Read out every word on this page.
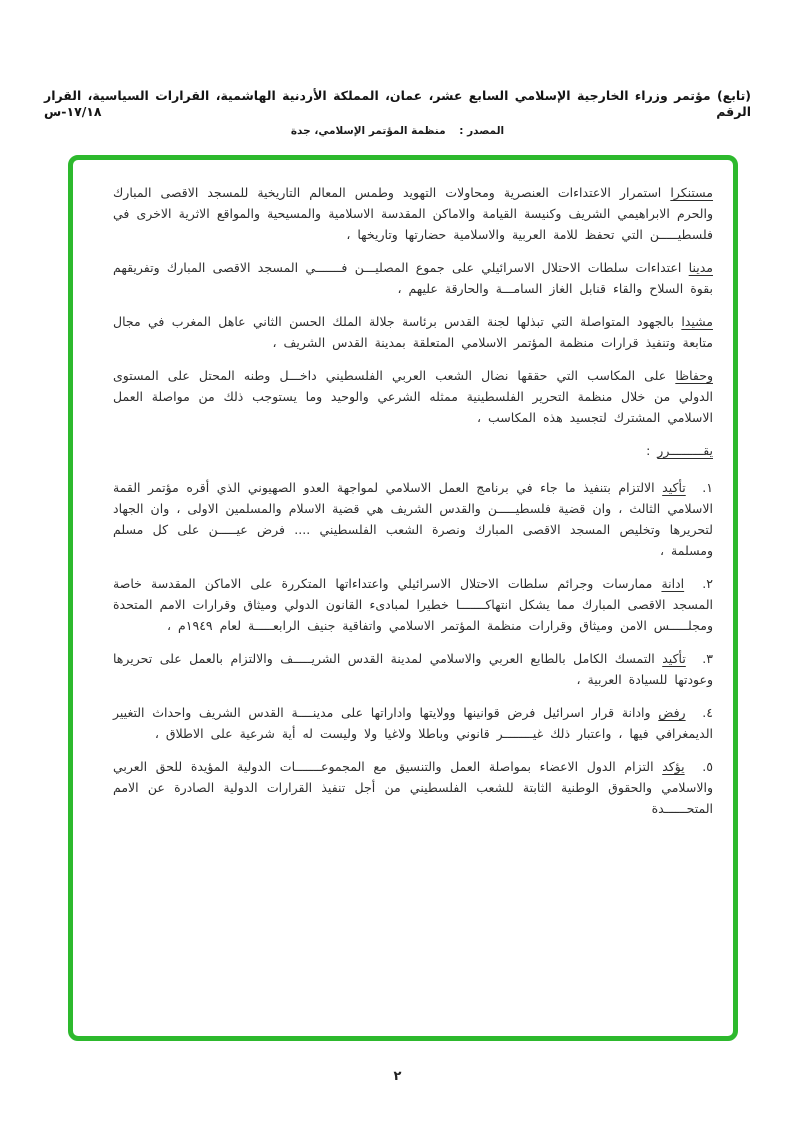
(تابع) مؤتمر وزراء الخارجية الإسلامي السابع عشر، عمان، المملكة الأردنية الهاشمية، القرارات السياسية، القرار الرقم ١٧/١٨-س
المصدر : منظمة المؤتمر الإسلامي، جدة

مستنكرا استمرار الاعتداءات العنصرية ومحاولات التهويد وطمس المعالم التاريخية للمسجد الاقصى المبارك والحرم الابراهيمي الشريف وكنيسة القيامة والاماكن المقدسة الاسلامية والمسيحية والمواقع الاثرية الاخرى في فلسطيـــــن التي تحفظ للامة العربية والاسلامية حضارتها وتاريخها ،

مدينا اعتداءات سلطات الاحتلال الاسرائيلي على جموع المصليـــن فـــــــي المسجد الاقصى المبارك وتفريقهم بقوة السلاح والقاء قنابل الغاز السامـــة والحارقة عليهم ،

مشيدا بالجهود المتواصلة التي تبذلها لجنة القدس برئاسة جلالة الملك الحسن الثاني عاهل المغرب في مجال متابعة وتنفيذ قرارات منظمة المؤتمر الاسلامي المتعلقة بمدينة القدس الشريف ،

وحفاظا على المكاسب التي حققها نضال الشعب العربي الفلسطيني داخـــل وطنه المحتل على المستوى الدولي من خلال منظمة التحرير الفلسطينية ممثله الشرعي والوحيد وما يستوجب ذلك من مواصلة العمل الاسلامي المشترك لتجسيد هذه المكاسب ،

يقـــــــــرر :

١. تأكيد الالتزام بتنفيذ ما جاء في برنامج العمل الاسلامي لمواجهة العدو الصهيوني الذي أقره مؤتمر القمة الاسلامي الثالث ، وان قضية فلسطيـــــن والقدس الشريف هي قضية الاسلام والمسلمين الاولى ، وان الجهاد لتحريرها وتخليص المسجد الاقصى المبارك ونصرة الشعب الفلسطيني .... فرض عيـــــن على كل مسلم ومسلمة ،

٢. ادانة ممارسات وجرائم سلطات الاحتلال الاسرائيلي واعتداءاتها المتكررة على الاماكن المقدسة خاصة المسجد الاقصى المبارك مما يشكل انتهاكـــــــا خطيرا لمبادىء القانون الدولي وميثاق وقرارات الامم المتحدة ومجلـــــس الامن وميثاق وقرارات منظمة المؤتمر الاسلامي واتفاقية جنيف الرابعـــــة لعام ١٩٤٩م ،

٣. تأكيد التمسك الكامل بالطابع العربي والاسلامي لمدينة القدس الشريـــــف والالتزام بالعمل على تحريرها وعودتها للسيادة العربية ،

٤. رفض وادانة قرار اسرائيل فرض قوانينها وولايتها واداراتها على مدينــــة القدس الشريف واحداث التغيير الديمغرافي فيها ، واعتبار ذلك غيــــــــر قانوني وباطلا ولاغيا ولا وليست له أية شرعية على الاطلاق ،

٥. يؤكد التزام الدول الاعضاء بمواصلة العمل والتنسيق مع المجموعـــــــات الدولية المؤيدة للحق العربي والاسلامي والحقوق الوطنية الثابتة للشعب الفلسطيني من أجل تنفيذ القرارات الدولية الصادرة عن الامم المتحــــــدة

٢
